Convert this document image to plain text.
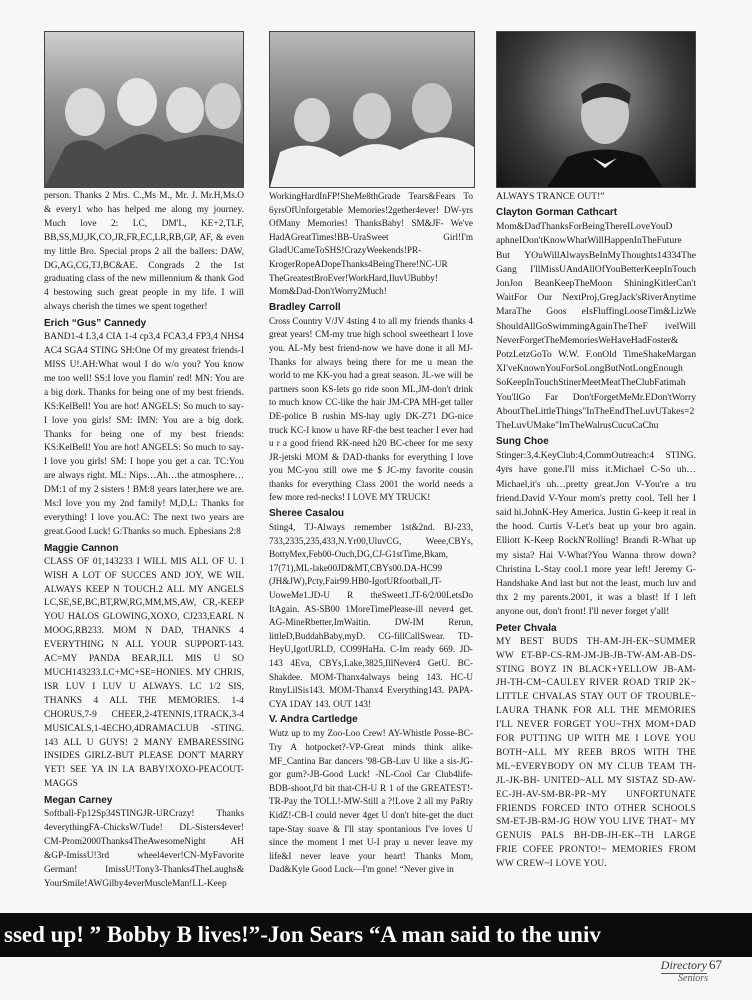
person. Thanks 2 Mrs. C.,Ms M., Mr. J. Mr.H,Ms.O & every1 who has helped me along my journey. Much love 2: LC, DM'L, KE+2,TLF, BB,SS,MJ,JK,CO,JR,FR,EC,LR,RB,GP, AF, & even my little Bro. Special props 2 all the ballers: DAW, DG,AG,CG,TJ,BC&AE. Congrads 2 the 1st graduating class of the new millennium & thank God 4 bestowing such great people in my life. I will always cherish the times we spent together!

Erich “Gus” Cannedy

BAND1-4 L3,4 CIA 1-4 cp3,4 FCA3,4 FP3,4 NHS4 AC4 SGA4 STING SH:One Of my greatest friends-I MISS U!.AH:What woul I do w/o you? You know me too well! SS:I love you flamin' red! MN: You are a big dork. Thanks for being one of my best friends. KS:KelBell! You are hot! ANGELS: So much to say-I love you girls! SM: IMN: You are a big dork. Thanks for being one of my best friends: KS:KelBell! You are hot! ANGELS: So much to say-I love you girls! SM: I hope you get a car. TC:You are always right. ML: Nips…Ah…the atmosphere…DM:1 of my 2 sisters ! BM:8 years later,here we are. Ms:I love you my 2nd family! M,D,L: Thanks for everything! I love you.AC: The next two years are great.Good Luck! G:Thanks so much. Ephesians 2:8

Maggie Cannon

CLASS OF 01,143233 I WILL MIS ALL OF U. I WISH A LOT OF SUCCES AND JOY, WE WIL ALWAYS KEEP N TOUCH.2 ALL MY ANGELS LC,SE,SE,BC,BT,RW,RG,MM,MS,AW, CR,-KEEP YOU HALOS GLOWING,XOXO, CJ233,EARL N MOOG,RB233. MOM N DAD, THANKS 4 EVERYTHING N ALL YOUR SUPPORT-143. AC=MY PANDA BEAR,ILL MIS U SO MUCH143233.LC+MC+SE=HONIES. MY CHRIS, ISR LUV I LUV U ALWAYS. LC 1/2 SIS, THANKS 4 ALL THE MEMORIES. 1-4 CHORUS,7-9 CHEER,2-4TENNIS,1TRACK,3-4 MUSICALS,1-4ECHO,4DRAMACLUB -STING. 143 ALL U GUYS! 2 MANY EMBARESSING INSIDES GIRLZ-BUT PLEASE DON'T MARRY YET! SEE YA IN LA BABY!XOXO-PEACOUT-MAGGS

Megan Carney

Softball-Fp12Sp34STINGJR-URCrazy! Thanks 4everythingFA-ChicksW/Tude! DL-Sisters4ever! CM-Prom2000Thanks4TheAwesomeNight AH &GP-ImissU!3rd wheel4ever!CN-MyFavorite German! ImissU!Tony3-Thanks4TheLaughs& YourSmile!AWGilby4everMuscleMan!LL-Keep

WorkingHardInFP!SheMe8thGrade Tears&Fears To 6yrsOfUnforgetable Memories!2gether4ever! DW-yrs OfMany Memories! ThanksBaby! SM&JF- We've HadAGreatTimes!BB-UraSweet Girl!I'm GladUCameToSHS!CrazyWeekends!PR-KrogerRopeADopeThanks4BeingThere!NC-UR TheGreatestBroEver!WorkHard,IluvUBubby! Mom&Dad-Don'tWorry2Much!

Bradley Carroll

Cross Country V/JV 4sting 4 to all my friends thanks 4 great years! CM-my true high school sweetheart I love you. AL-My best friend-now we have done it all MJ-Thanks for always being there for me u mean the world to me KK-you had a great season. JL-we will be partners soon KS-lets go ride soon ML,JM-don't drink to much know CC-like the hair JM-CPA MH-get taller DE-police B rushin MS-hay ugly DK-Z71 DG-nice truck KC-I know u have RF-the best teacher I ever had u r a good friend RK-need h20 BC-cheer for me sexy JR-jetski MOM & DAD-thanks for everything I love you MC-you still owe me $ JC-my favorite cousin thanks for everything Class 2001 the world needs a few more red-necks! I LOVE MY TRUCK!

Sheree Casalou

Sting4, TJ-Always remember 1st&2nd. BJ-233, 733,2335,235,433,N.Yr00,UluvCG, Weee,CBYs, BottyMex,Feb00-Ouch,DG,CJ-G1stTime,Bkam, 17(71),ML-lake00JD&MT,CBYs00.DA-HC99 (JH&JW),Pcty,Fair99.HB0-IgotURfootball,JT-UoweMe1.JD-U R theSweet1.JT-6/2/00LetsDo ItAgain. AS-SB00 1MoreTimePlease-ill never4 get. AG-MineRbetter,ImWaitin. DW-IM Rerun, littleD,BuddahBaby,myD. CG-fillCallSwear. TD-HeyU,IgotURLD, CO99HaHa. C-Im ready 669. JD-143 4Eva, CBYs,Lake,3825,IllNever4 GetU. BC-Shakdee. MOM-Thanx4always being 143. HC-U RmyLilSis143. MOM-Thanx4 Everything143. PAPA-CYA 1DAY 143. OUT 143!

V. Andra Cartledge

Wutz up to my Zoo-Loo Crew! AY-Whistle Posse-BC-Try A hotpocket?-VP-Great minds think alike-MF_Cantina Bar dancers '98-GB-Luv U like a sis-JG-gor gum?-JB-Good Luck! -NL-Cool Car Club4life-BDB-shoot,I'd bit that-CH-U R 1 of the GREATEST!-TR-Pay the TOLL!-MW-Still a ?!Love 2 all my PaRty KidZ!-CB-I could never 4get U don't bite-get the duct tape-Stay suave & I'll stay spontanious I've loves U since the moment I met U-I pray u never leave my life&I never leave your heart! Thanks Mom, Dad&Kyle Good Luck—I'm gone! “Never give in

ALWAYS TRANCE OUT!”

Clayton Gorman Cathcart

Mom&DadThanksForBeingThereILoveYouD aphneIDon'tKnowWhatWillHappenInTheFuture But YOuWillAlwaysBeInMyThoughts14334The Gang I'llMissUAndAllOfYouBetterKeepInTouch JonJon BeanKeepTheMoon ShiningKitlerCan't WaitFor Our NextProj,GregJack'sRiverAnytime MaraThe Goos eIsFluffingLooseTim&LizWe ShouldAllGoSwimmingAgainTheTheF ivelWill NeverForgetTheMemoriesWeHaveHadFoster& PotzLetzGoTo W.W. F.onOld TimeShakeMargan XI'veKnownYouForSoLongButNotLongEnough SoKeepInTouchStinerMeetMeatTheClubFatimah You'llGo Far Don'tForgetMeMr.EDon'tWorry AboutTheLittleThings"InTheEndTheLuvUTakes=2 TheLuvUMake"ImTheWalrusCucuCaChu

Sung Choe

Stinger:3,4.KeyClub:4,CommOutreach:4 STING. 4yrs have gone.I'll miss it.Michael C-So uh… Michael,it's uh…pretty great.Jon V-You're a tru friend.David V-Your mom's pretty cool. Tell her I said hi.JohnK-Hey America. Justin G-keep it real in the hood. Curtis V-Let's beat up your bro again. Elliott K-Keep RockN'Rolling! Brandi R-What up my sista? Hai V-What?You Wanna throw down? Christina L-Stay cool.1 more year left! Jeremy G- Handshake And last but not the least, much luv and thx 2 my parents.2001, it was a blast! If I left anyone out, don't front! I'll never forget y'all!

Peter Chvala

MY BEST BUDS TH-AM-JH-EK~SUMMER WW ET-BP-CS-RM-JM-JB-JB-TW-AM-AB-DS-STING BOYZ IN BLACK+YELLOW JB-AM-JH-TH-CM~CAULEY RIVER ROAD TRIP 2K~ LITTLE CHVALAS STAY OUT OF TROUBLE~ LAURA THANK FOR ALL THE MEMORIES I'LL NEVER FORGET YOU~THX MOM+DAD FOR PUTTING UP WITH ME I LOVE YOU BOTH~ALL MY REEB BROS WITH THE ML~EVERYBODY ON MY CLUB TEAM TH-JL-JK-BH- UNITED~ALL MY SISTAZ SD-AW-EC-JH-AV-SM-BR-PR~MY UNFORTUNATE FRIENDS FORCED INTO OTHER SCHOOLS SM-ET-JB-RM-JG HOW YOU LIVE THAT~ MY GENUIS PALS BH-DB-JH-EK--TH LARGE FRIE COFEE PRONTO!~ MEMORIES FROM WW CREW~I LOVE YOU.

ssed up! ” Bobby B lives!”-Jon Sears “A man said to the univ
Directory 67
Seniors
